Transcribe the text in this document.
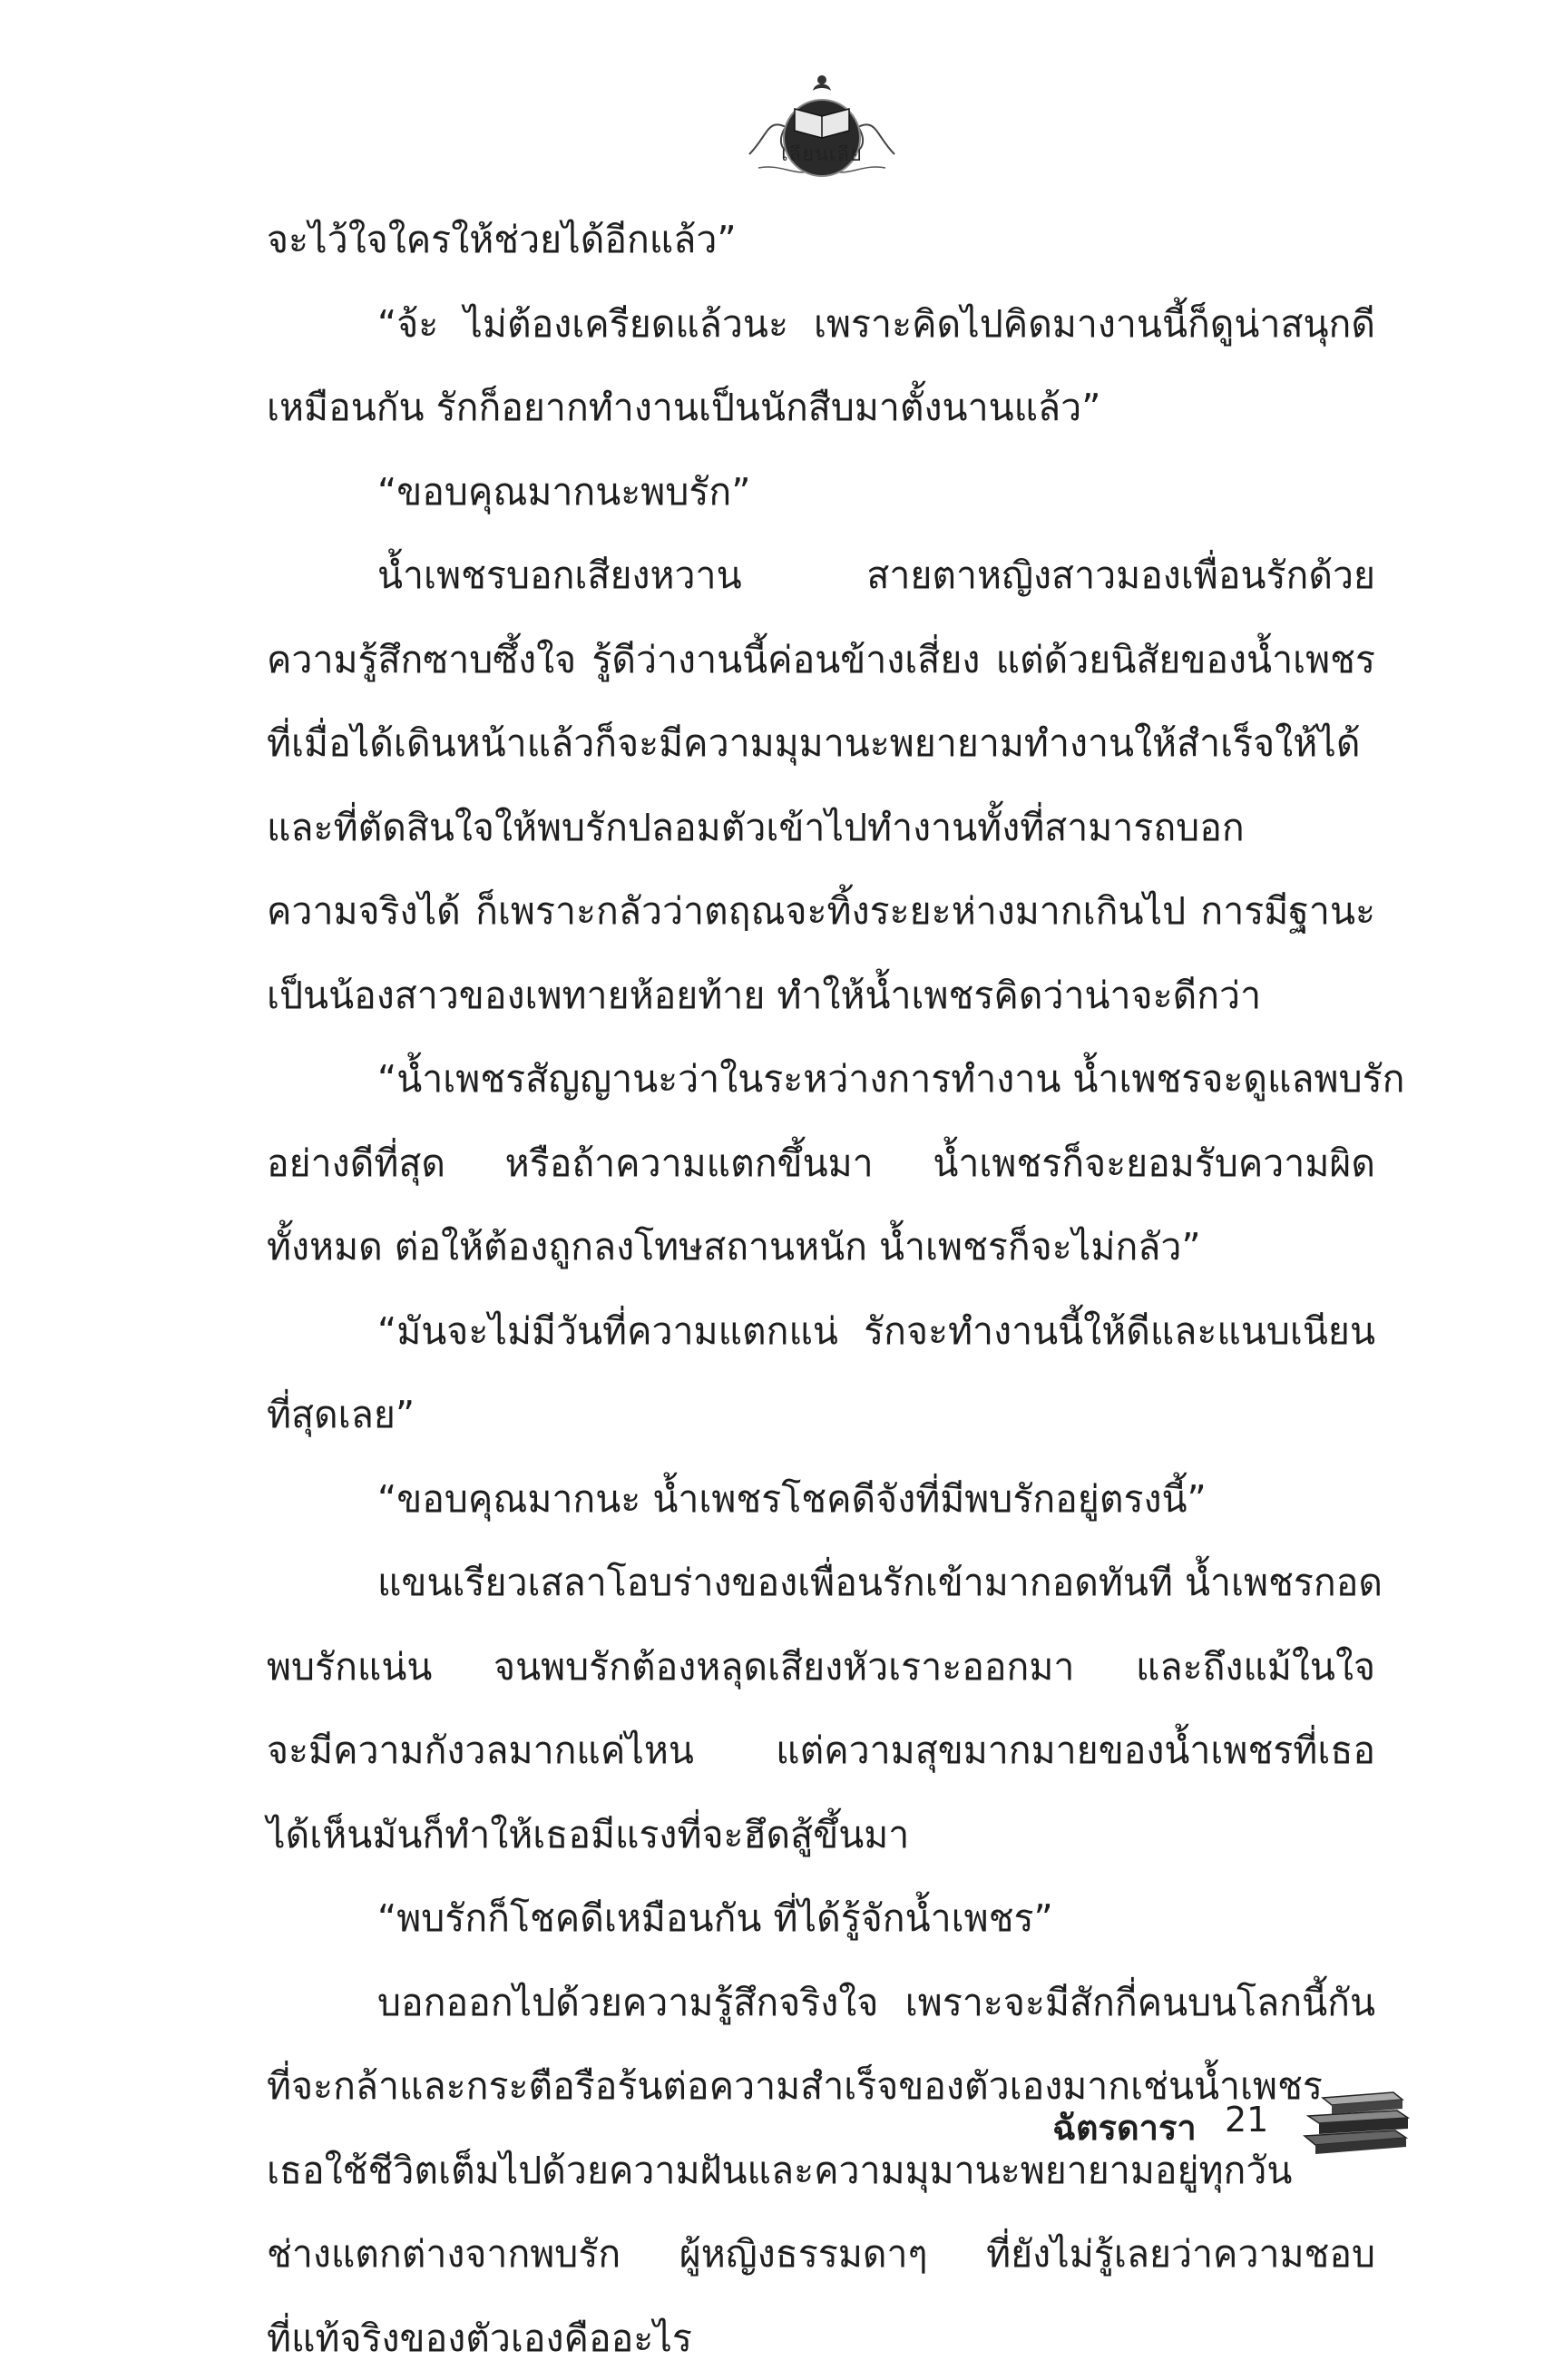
เลียนเลีย
จะไว้ใจใครให้ช่วยได้อีกแล้ว”
“จ้ะ ไม่ต้องเครียดแล้วนะ เพราะคิดไปคิดมางานนี้ก็ดูน่าสนุกดี
เหมือนกัน รักก็อยากทำงานเป็นนักสืบมาตั้งนานแล้ว”
“ขอบคุณมากนะพบรัก”
น้ำเพชรบอกเสียงหวาน สายตาหญิงสาวมองเพื่อนรักด้วย
ความรู้สึกซาบซึ้งใจ รู้ดีว่างานนี้ค่อนข้างเสี่ยง แต่ด้วยนิสัยของน้ำเพชร
ที่เมื่อได้เดินหน้าแล้วก็จะมีความมุมานะพยายามทำงานให้สำเร็จให้ได้
และที่ตัดสินใจให้พบรักปลอมตัวเข้าไปทำงานทั้งที่สามารถบอก
ความจริงได้ ก็เพราะกลัวว่าตฤณจะทิ้งระยะห่างมากเกินไป การมีฐานะ
เป็นน้องสาวของเพทายห้อยท้าย ทำให้น้ำเพชรคิดว่าน่าจะดีกว่า
“น้ำเพชรสัญญานะว่าในระหว่างการทำงาน น้ำเพชรจะดูแลพบรัก
อย่างดีที่สุด หรือถ้าความแตกขึ้นมา น้ำเพชรก็จะยอมรับความผิด
ทั้งหมด ต่อให้ต้องถูกลงโทษสถานหนัก น้ำเพชรก็จะไม่กลัว”
“มันจะไม่มีวันที่ความแตกแน่ รักจะทำงานนี้ให้ดีและแนบเนียน
ที่สุดเลย”
“ขอบคุณมากนะ น้ำเพชรโชคดีจังที่มีพบรักอยู่ตรงนี้”
แขนเรียวเสลาโอบร่างของเพื่อนรักเข้ามากอดทันที น้ำเพชรกอด
พบรักแน่น จนพบรักต้องหลุดเสียงหัวเราะออกมา และถึงแม้ในใจ
จะมีความกังวลมากแค่ไหน แต่ความสุขมากมายของน้ำเพชรที่เธอ
ได้เห็นมันก็ทำให้เธอมีแรงที่จะฮึดสู้ขึ้นมา
“พบรักก็โชคดีเหมือนกัน ที่ได้รู้จักน้ำเพชร”
บอกออกไปด้วยความรู้สึกจริงใจ เพราะจะมีสักกี่คนบนโลกนี้กัน
ที่จะกล้าและกระตือรือร้นต่อความสำเร็จของตัวเองมากเช่นน้ำเพชร
เธอใช้ชีวิตเต็มไปด้วยความฝันและความมุมานะพยายามอยู่ทุกวัน
ช่างแตกต่างจากพบรัก ผู้หญิงธรรมดาๆ ที่ยังไม่รู้เลยว่าความชอบ
ที่แท้จริงของตัวเองคืออะไร
ฉัตรดารา 21
